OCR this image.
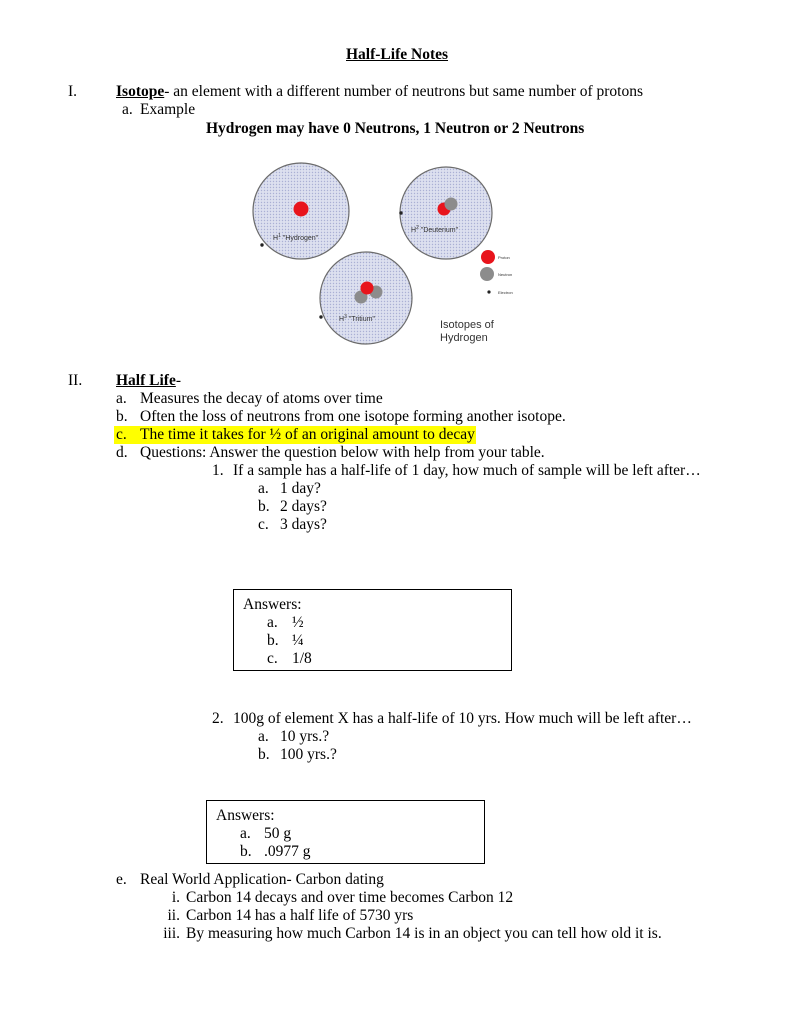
Half-Life Notes
I.	Isotope- an element with a different number of neutrons but same number of protons
a. Example
Hydrogen may have 0 Neutrons, 1 Neutron or 2 Neutrons
$H^1$ "Hydrogen"
$H^2$ "Deuterium"
$H^3$ "Tritium"
Proton
Neutron
Electron
Isotopes of
Hydrogen
II. Half Life-
a. Measures the decay of atoms over time
b. Often the loss of neutrons from one isotope forming another isotope.
c. The time it takes for ½ of an original amount to decay
d. Questions: Answer the question below with help from your table.
1. If a sample has a half-life of 1 day, how much of sample will be left after…
a. 1 day?
b. 2 days?
c. 3 days?
Answers:
a. ½
b. ¼
c. 1/8
2. 100g of element X has a half-life of 10 yrs. How much will be left after…
a. 10 yrs.?
b. 100 yrs.?
Answers:
a. 50 g
b. .0977 g
e. Real World Application- Carbon dating
i. Carbon 14 decays and over time becomes Carbon 12
ii. Carbon 14 has a half life of 5730 yrs
iii. By measuring how much Carbon 14 is in an object you can tell how old it is.
